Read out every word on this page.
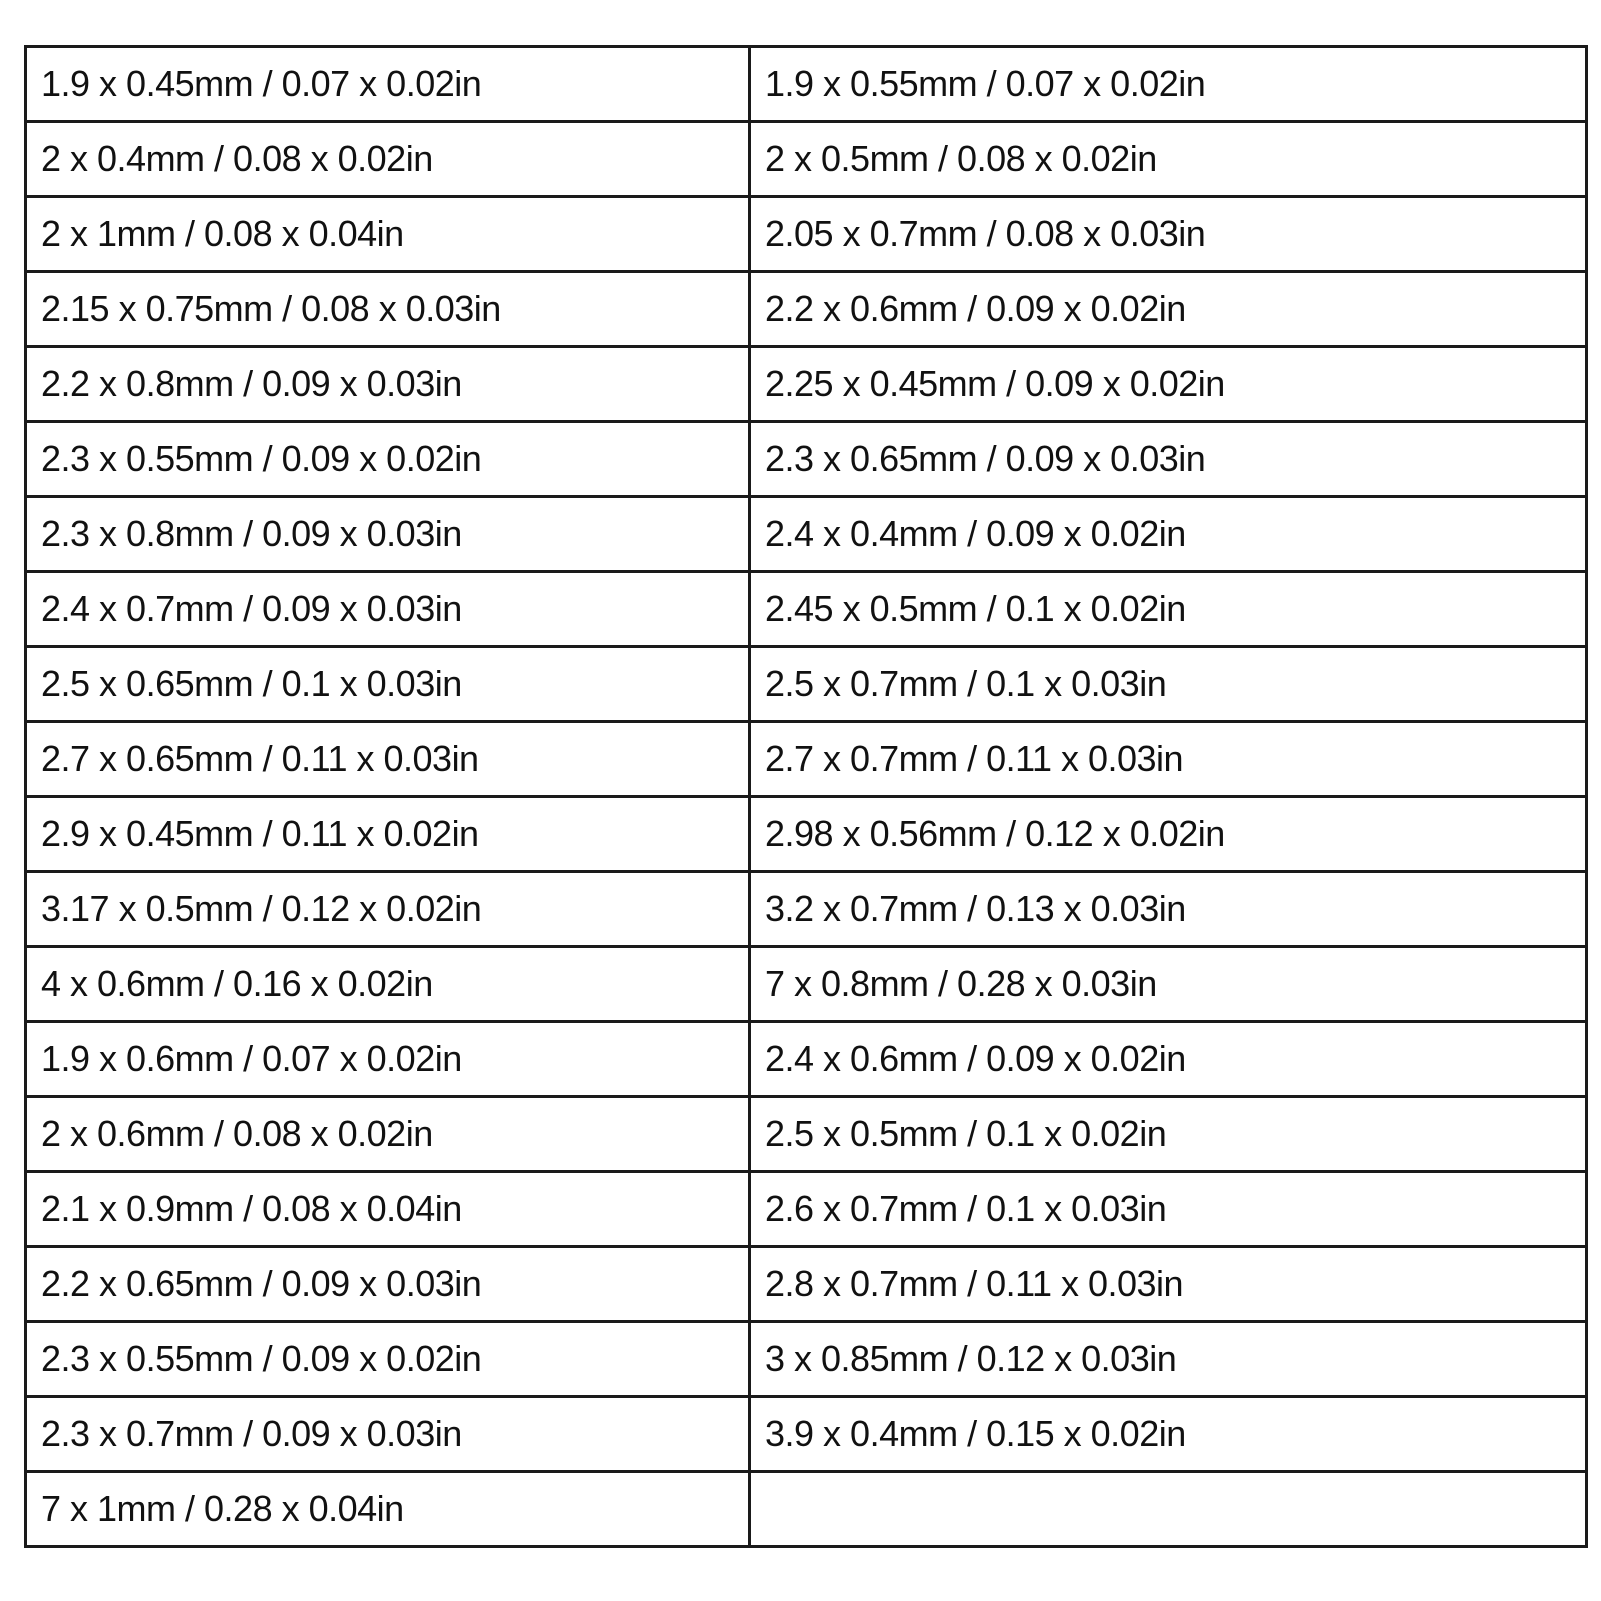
1.9 x 0.45mm / 0.07 x 0.02in	1.9 x 0.55mm / 0.07 x 0.02in
2 x 0.4mm / 0.08 x 0.02in	2 x 0.5mm / 0.08 x 0.02in
2 x 1mm / 0.08 x 0.04in	2.05 x 0.7mm / 0.08 x 0.03in
2.15 x 0.75mm / 0.08 x 0.03in	2.2 x 0.6mm / 0.09 x 0.02in
2.2 x 0.8mm / 0.09 x 0.03in	2.25 x 0.45mm / 0.09 x 0.02in
2.3 x 0.55mm / 0.09 x 0.02in	2.3 x 0.65mm / 0.09 x 0.03in
2.3 x 0.8mm / 0.09 x 0.03in	2.4 x 0.4mm / 0.09 x 0.02in
2.4 x 0.7mm / 0.09 x 0.03in	2.45 x 0.5mm / 0.1 x 0.02in
2.5 x 0.65mm / 0.1 x 0.03in	2.5 x 0.7mm / 0.1 x 0.03in
2.7 x 0.65mm / 0.11 x 0.03in	2.7 x 0.7mm / 0.11 x 0.03in
2.9 x 0.45mm / 0.11 x 0.02in	2.98 x 0.56mm / 0.12 x 0.02in
3.17 x 0.5mm / 0.12 x 0.02in	3.2 x 0.7mm / 0.13 x 0.03in
4 x 0.6mm / 0.16 x 0.02in	7 x 0.8mm / 0.28 x 0.03in
1.9 x 0.6mm / 0.07 x 0.02in	2.4 x 0.6mm / 0.09 x 0.02in
2 x 0.6mm / 0.08 x 0.02in	2.5 x 0.5mm / 0.1 x 0.02in
2.1 x 0.9mm / 0.08 x 0.04in	2.6 x 0.7mm / 0.1 x 0.03in
2.2 x 0.65mm / 0.09 x 0.03in	2.8 x 0.7mm / 0.11 x 0.03in
2.3 x 0.55mm / 0.09 x 0.02in	3 x 0.85mm / 0.12 x 0.03in
2.3 x 0.7mm / 0.09 x 0.03in	3.9 x 0.4mm / 0.15 x 0.02in
7 x 1mm / 0.28 x 0.04in	
